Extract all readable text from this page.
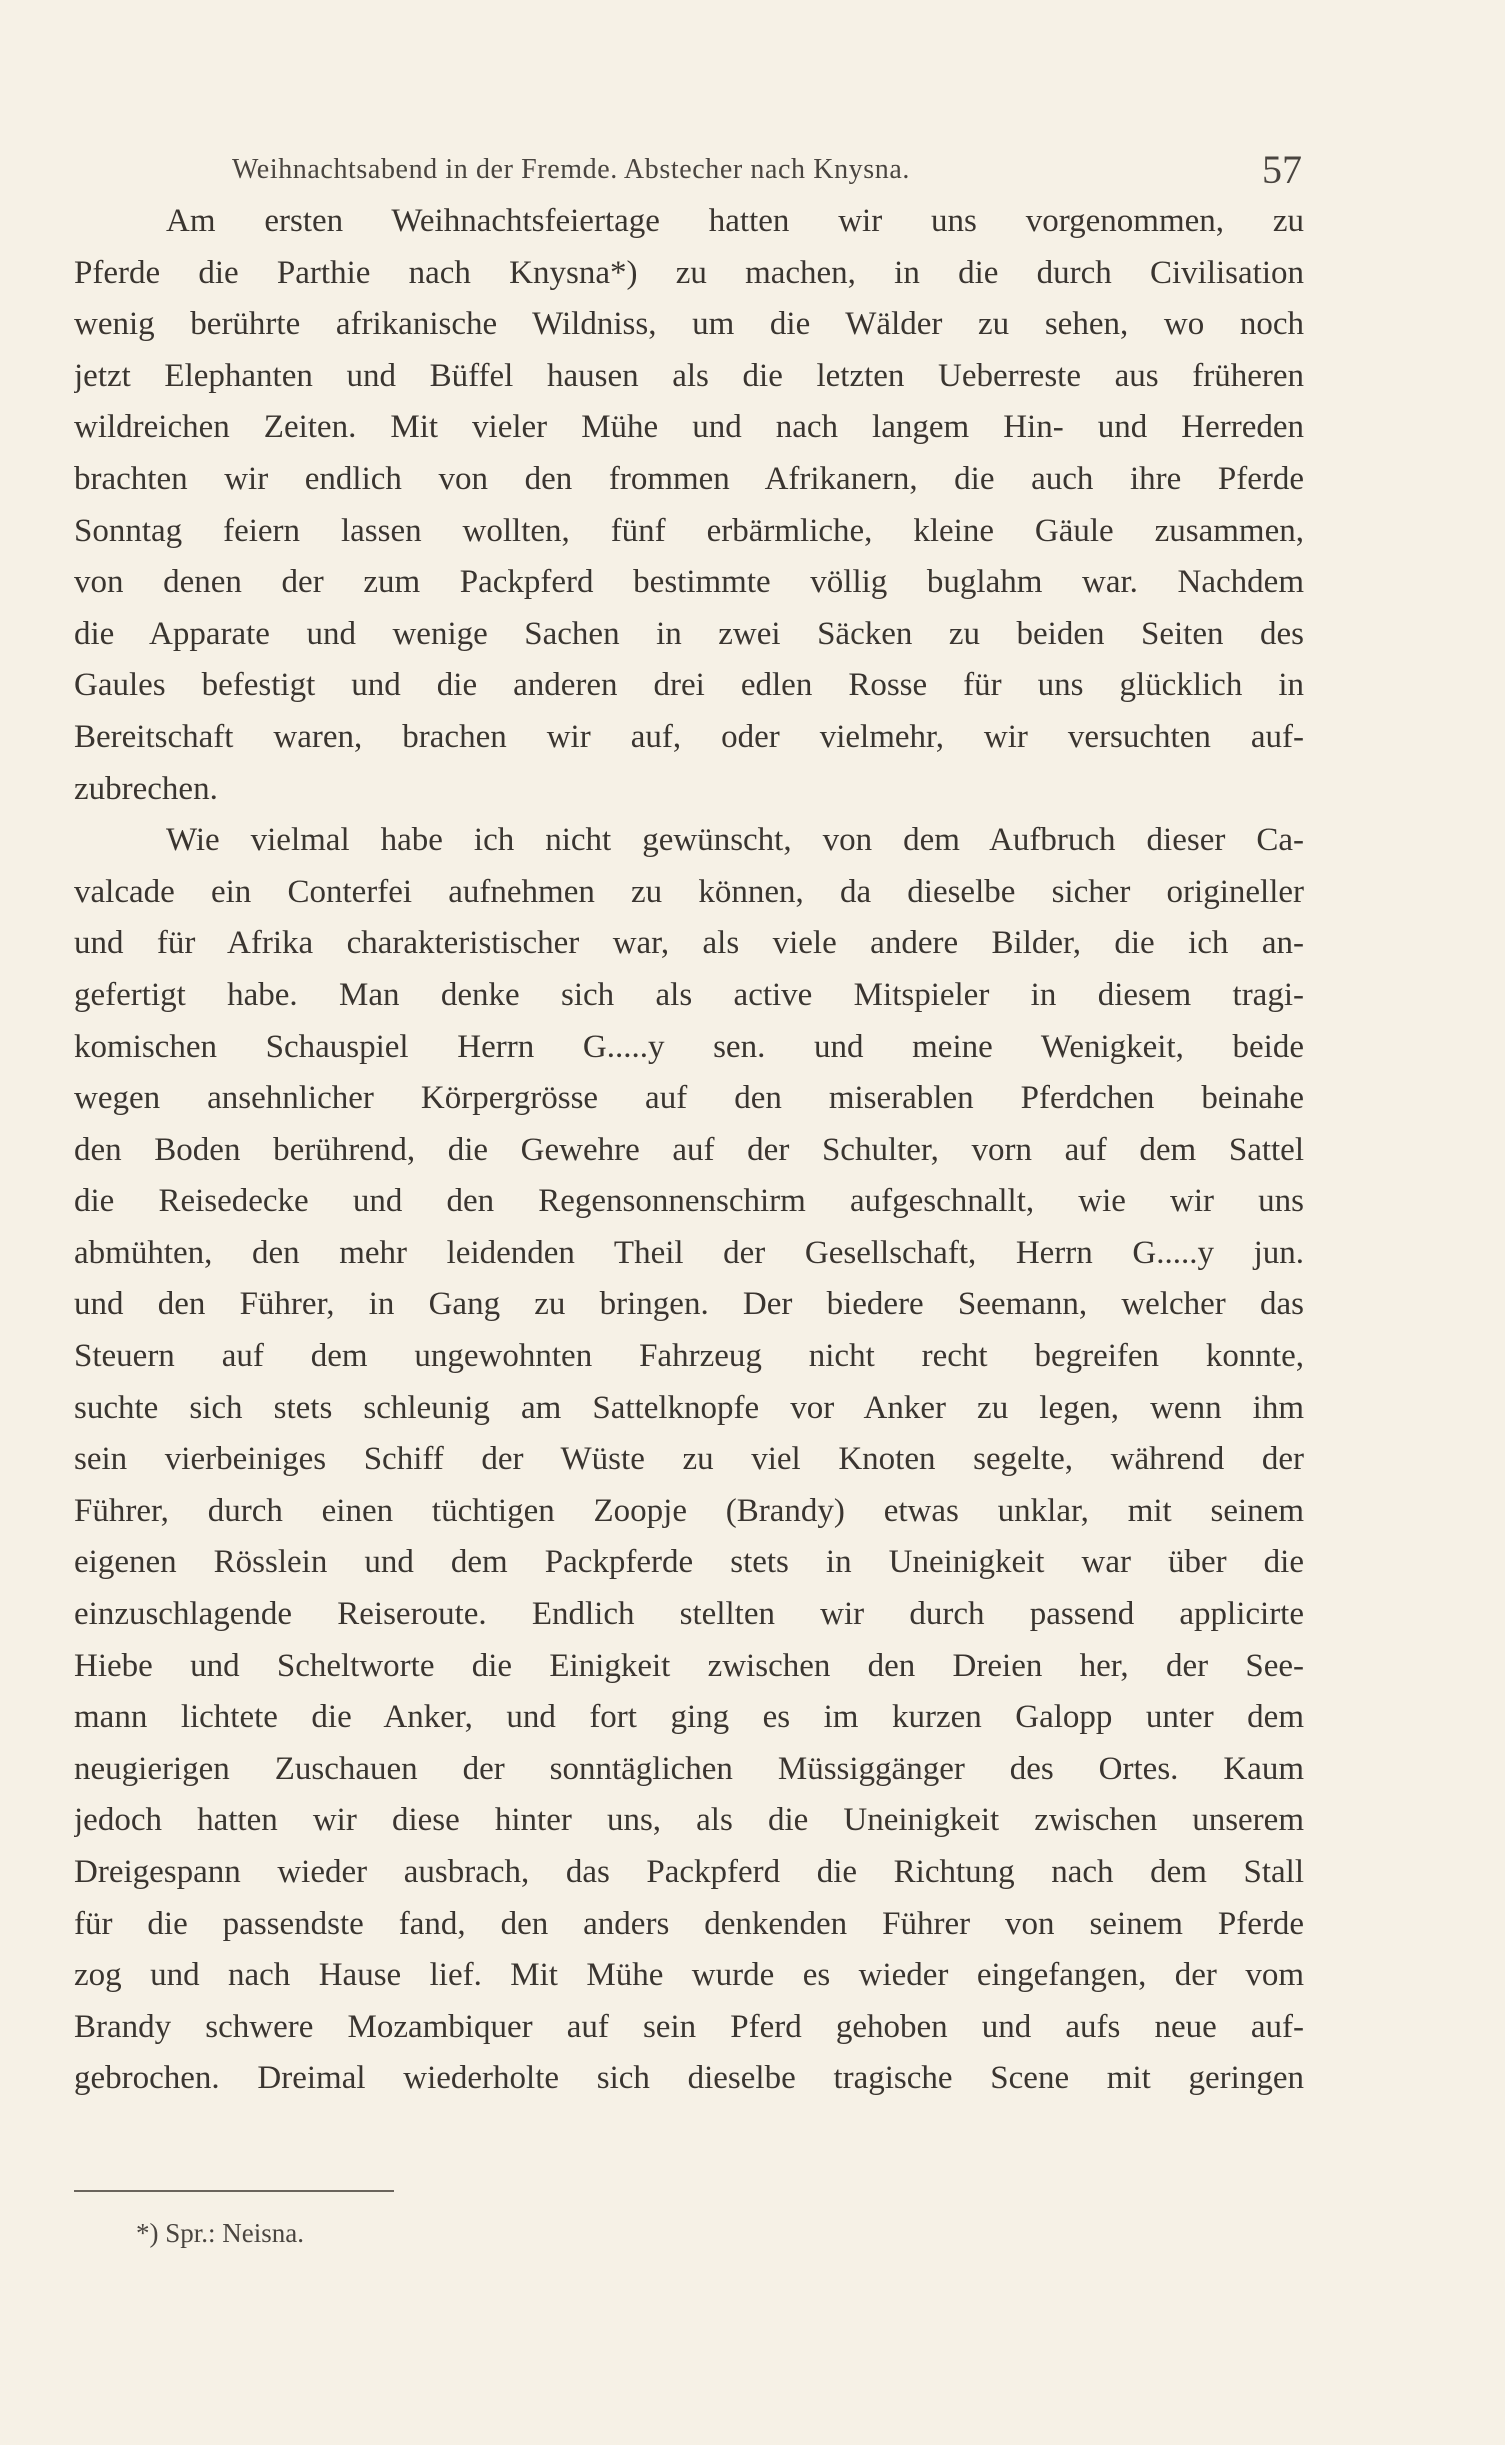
Weihnachtsabend in der Fremde. Abstecher nach Knysna.	57
Am ersten Weihnachtsfeiertage hatten wir uns vorgenommen, zu
Pferde die Parthie nach Knysna*) zu machen, in die durch Civilisation
wenig berührte afrikanische Wildniss, um die Wälder zu sehen, wo noch
jetzt Elephanten und Büffel hausen als die letzten Ueberreste aus früheren
wildreichen Zeiten. Mit vieler Mühe und nach langem Hin- und Herreden
brachten wir endlich von den frommen Afrikanern, die auch ihre Pferde
Sonntag feiern lassen wollten, fünf erbärmliche, kleine Gäule zusammen,
von denen der zum Packpferd bestimmte völlig buglahm war. Nachdem
die Apparate und wenige Sachen in zwei Säcken zu beiden Seiten des
Gaules befestigt und die anderen drei edlen Rosse für uns glücklich in
Bereitschaft waren, brachen wir auf, oder vielmehr, wir versuchten auf-
zubrechen.
Wie vielmal habe ich nicht gewünscht, von dem Aufbruch dieser Ca-
valcade ein Conterfei aufnehmen zu können, da dieselbe sicher origineller
und für Afrika charakteristischer war, als viele andere Bilder, die ich an-
gefertigt habe. Man denke sich als active Mitspieler in diesem tragi-
komischen Schauspiel Herrn G.....y sen. und meine Wenigkeit, beide
wegen ansehnlicher Körpergrösse auf den miserablen Pferdchen beinahe
den Boden berührend, die Gewehre auf der Schulter, vorn auf dem Sattel
die Reisedecke und den Regensonnenschirm aufgeschnallt, wie wir uns
abmühten, den mehr leidenden Theil der Gesellschaft, Herrn G.....y jun.
und den Führer, in Gang zu bringen. Der biedere Seemann, welcher das
Steuern auf dem ungewohnten Fahrzeug nicht recht begreifen konnte,
suchte sich stets schleunig am Sattelknopfe vor Anker zu legen, wenn ihm
sein vierbeiniges Schiff der Wüste zu viel Knoten segelte, während der
Führer, durch einen tüchtigen Zoopje (Brandy) etwas unklar, mit seinem
eigenen Rösslein und dem Packpferde stets in Uneinigkeit war über die
einzuschlagende Reiseroute. Endlich stellten wir durch passend applicirte
Hiebe und Scheltworte die Einigkeit zwischen den Dreien her, der See-
mann lichtete die Anker, und fort ging es im kurzen Galopp unter dem
neugierigen Zuschauen der sonntäglichen Müssiggänger des Ortes. Kaum
jedoch hatten wir diese hinter uns, als die Uneinigkeit zwischen unserem
Dreigespann wieder ausbrach, das Packpferd die Richtung nach dem Stall
für die passendste fand, den anders denkenden Führer von seinem Pferde
zog und nach Hause lief. Mit Mühe wurde es wieder eingefangen, der vom
Brandy schwere Mozambiquer auf sein Pferd gehoben und aufs neue auf-
gebrochen. Dreimal wiederholte sich dieselbe tragische Scene mit geringen
*) Spr.: Neisna.
